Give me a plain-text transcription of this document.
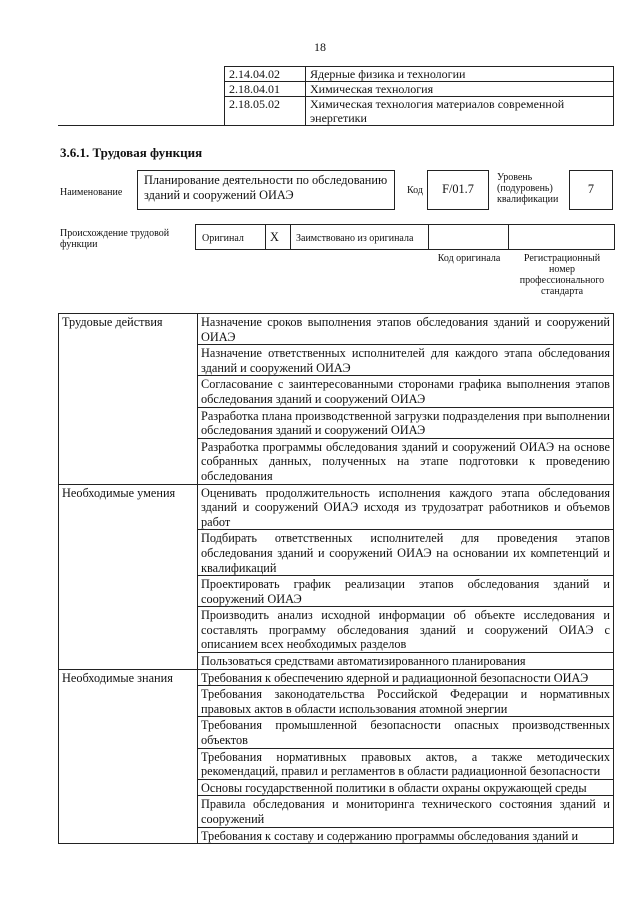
18
	2.14.04.02	Ядерные физика и технологии
	2.18.04.01	Химическая технология
	2.18.05.02	Химическая технология материалов современной энергетики
3.6.1. Трудовая функция
Наименование
Планирование деятельности по обследованию зданий и сооружений ОИАЭ	Код	F/01.7
Уровень (подуровень) квалификации
7
Происхождение трудовой функции
Оригинал X Заимствовано из оригинала
Код оригинала	Регистрационный номер профессионального стандарта
Трудовые действия	Назначение сроков выполнения этапов обследования зданий и сооружений ОИАЭ
	Назначение ответственных исполнителей для каждого этапа обследования зданий и сооружений ОИАЭ
	Согласование с заинтересованными сторонами графика выполнения этапов обследования зданий и сооружений ОИАЭ
	Разработка плана производственной загрузки подразделения при выполнении обследования зданий и сооружений ОИАЭ
	Разработка программы обследования зданий и сооружений ОИАЭ на основе собранных данных, полученных на этапе подготовки к проведению обследования
Необходимые умения	Оценивать продолжительность исполнения каждого этапа обследования зданий и сооружений ОИАЭ исходя из трудозатрат работников и объемов работ
	Подбирать ответственных исполнителей для проведения этапов обследования зданий и сооружений ОИАЭ на основании их компетенций и квалификаций
	Проектировать график реализации этапов обследования зданий и сооружений ОИАЭ
	Производить анализ исходной информации об объекте исследования и составлять программу обследования зданий и сооружений ОИАЭ с описанием всех необходимых разделов
	Пользоваться средствами автоматизированного планирования
Необходимые знания	Требования к обеспечению ядерной и радиационной безопасности ОИАЭ
	Требования законодательства Российской Федерации и нормативных правовых актов в области использования атомной энергии
	Требования промышленной безопасности опасных производственных объектов
	Требования нормативных правовых актов, а также методических рекомендаций, правил и регламентов в области радиационной безопасности
	Основы государственной политики в области охраны окружающей среды
	Правила обследования и мониторинга технического состояния зданий и сооружений
	Требования к составу и содержанию программы обследования зданий и
